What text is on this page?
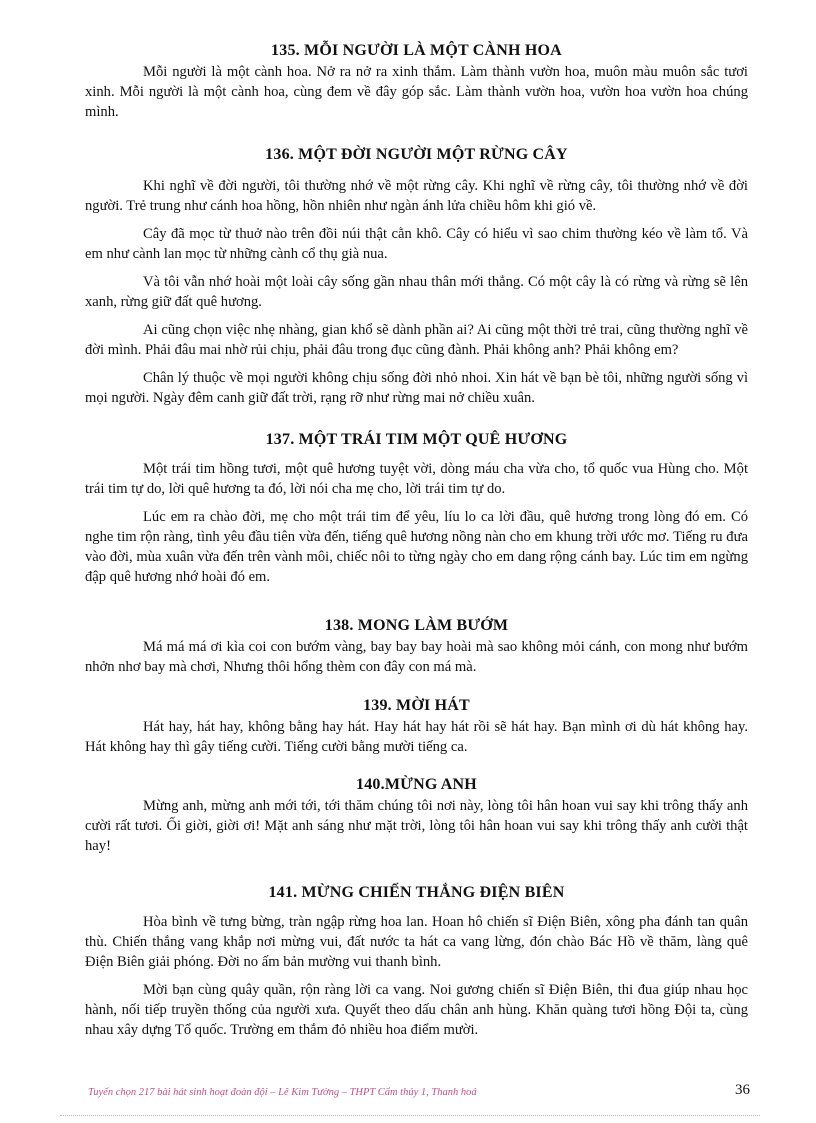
135. MỖI NGƯỜI LÀ MỘT CÀNH HOA

Mỗi người là một cành hoa. Nở ra nở ra xinh thắm. Làm thành vườn hoa, muôn màu muôn sắc tươi xinh. Mỗi người là một cành hoa, cùng đem về đây góp sắc. Làm thành vườn hoa, vườn hoa vườn hoa chúng mình.

136. MỘT ĐỜI NGƯỜI MỘT RỪNG CÂY

Khi nghĩ về đời người, tôi thường nhớ về một rừng cây. Khi nghĩ về rừng cây, tôi thường nhớ về đời người. Trẻ trung như cánh hoa hồng, hồn nhiên như ngàn ánh lửa chiều hôm khi gió về.

Cây đã mọc từ thuở nào trên đồi núi thật cằn khô. Cây có hiểu vì sao chim thường kéo về làm tổ. Và em như cành lan mọc từ những cành cổ thụ già nua.

Và tôi vẫn nhớ hoài một loài cây sống gần nhau thân mới thẳng. Có một cây là có rừng và rừng sẽ lên xanh, rừng giữ đất quê hương.

Ai cũng chọn việc nhẹ nhàng, gian khổ sẽ dành phần ai? Ai cũng một thời trẻ trai, cũng thường nghĩ về đời mình. Phải đâu mai nhờ rủi chịu, phải đâu trong đục cũng đành. Phải không anh? Phải không em?

Chân lý thuộc về mọi người không chịu sống đời nhỏ nhoi. Xin hát về bạn bè tôi, những người sống vì mọi người. Ngày đêm canh giữ đất trời, rạng rỡ như rừng mai nở chiều xuân.

137. MỘT TRÁI TIM MỘT QUÊ HƯƠNG

Một trái tim hồng tươi, một quê hương tuyệt vời, dòng máu cha vừa cho, tổ quốc vua Hùng cho. Một trái tim tự do, lời quê hương ta đó, lời nói cha mẹ cho, lời trái tim tự do.

Lúc em ra chào đời, mẹ cho một trái tim để yêu, líu lo ca lời đầu, quê hương trong lòng đó em. Có nghe tim rộn ràng, tình yêu đầu tiên vừa đến, tiếng quê hương nồng nàn cho em khung trời ước mơ. Tiếng ru đưa vào đời, mùa xuân vừa đến trên vành môi, chiếc nôi to từng ngày cho em dang rộng cánh bay. Lúc tim em ngừng đập quê hương nhớ hoài đó em.

138. MONG LÀM BƯỚM

Má má má ơi kìa coi con bướm vàng, bay bay bay hoài mà sao không mỏi cánh, con mong như bướm nhởn nhơ bay mà chơi, Nhưng thôi hổng thèm con đây con má mà.

139. MỜI HÁT

Hát hay, hát hay, không bằng hay hát. Hay hát hay hát rồi sẽ hát hay. Bạn mình ơi dù hát không hay. Hát không hay thì gây tiếng cười. Tiếng cười bằng mười tiếng ca.

140.MỪNG ANH

Mừng anh, mừng anh mới tới, tới thăm chúng tôi nơi này, lòng tôi hân hoan vui say khi trông thấy anh cười rất tươi. Ối giời, giời ơi! Mặt anh sáng như mặt trời, lòng tôi hân hoan vui say khi trông thấy anh cười thật hay!

141. MỪNG CHIẾN THẮNG ĐIỆN BIÊN

Hòa bình về tưng bừng, tràn ngập rừng hoa lan. Hoan hô chiến sĩ Điện Biên, xông pha đánh tan quân thù. Chiến thắng vang khắp nơi mừng vui, đất nước ta hát ca vang lừng, đón chào Bác Hồ về thăm, làng quê Điện Biên giải phóng. Đời no ấm bản mường vui thanh bình.

Mời bạn cùng quây quần, rộn ràng lời ca vang. Noi gương chiến sĩ Điện Biên, thi đua giúp nhau học hành, nối tiếp truyền thống của người xưa. Quyết theo dấu chân anh hùng. Khăn quàng tươi hồng Đội ta, cùng nhau xây dựng Tổ quốc. Trường em thắm đỏ nhiều hoa điểm mười.

Tuyển chọn 217 bài hát sinh hoạt đoàn đội – Lê Kim Tường – THPT Cẩm thủy 1, Thanh hoá	36
